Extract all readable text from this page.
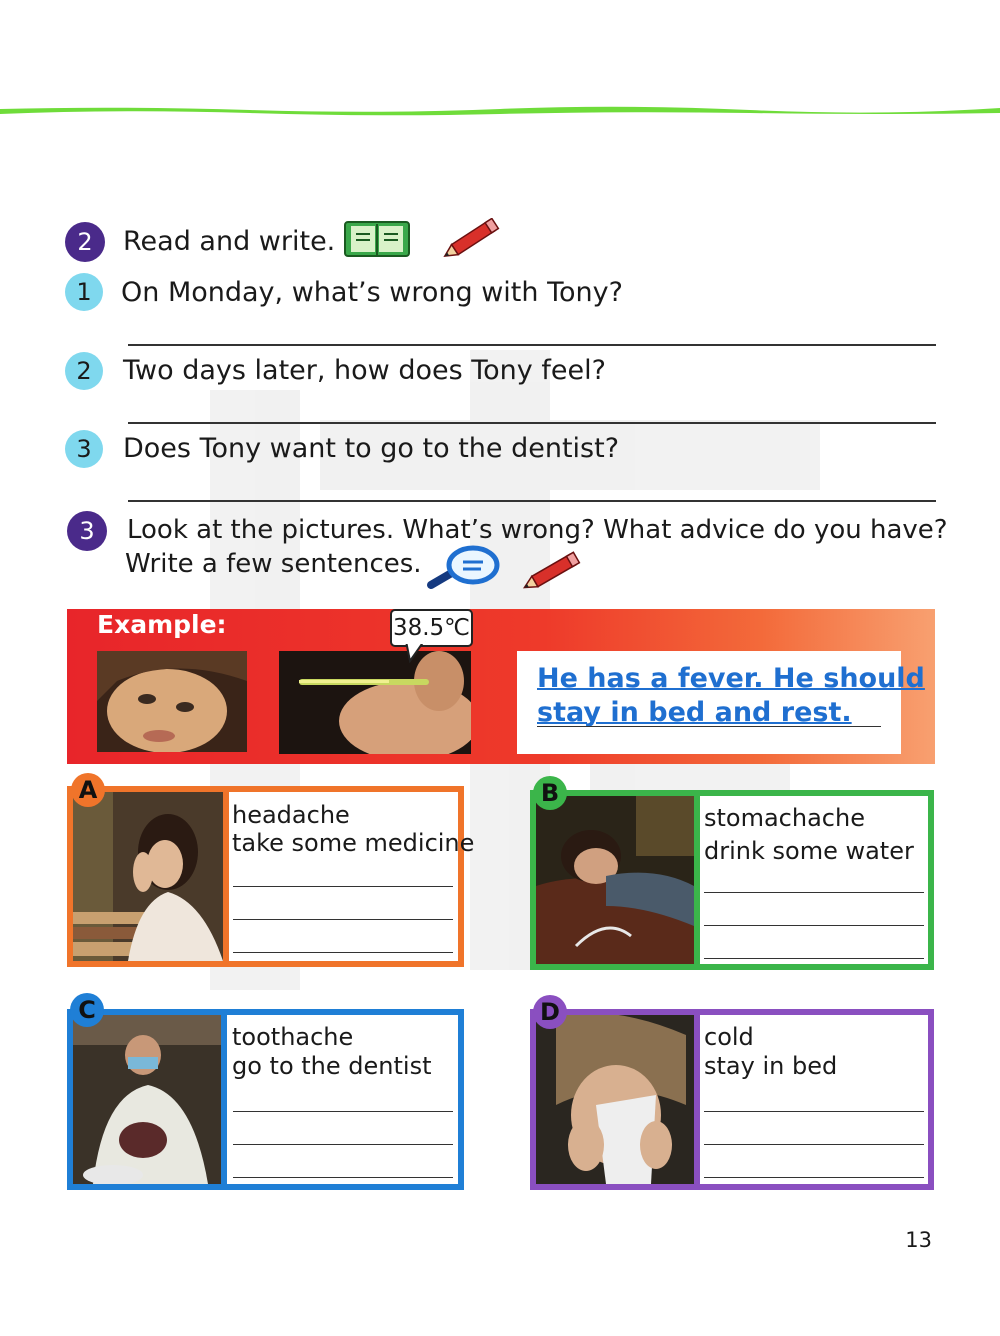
2	Read and write.
1	On Monday, what’s wrong with Tony?
2	Two days later, how does Tony feel?
3	Does Tony want to go to the dentist?
3	Look at the pictures. What’s wrong? What advice do you have?
Write a few sentences.
Example:	38.5℃
He has a fever. He should
stay in bed and rest.
headache
take some medicine
A
stomachache
drink some water
B
toothache
go to the dentist
C
cold
stay in bed
D
13
